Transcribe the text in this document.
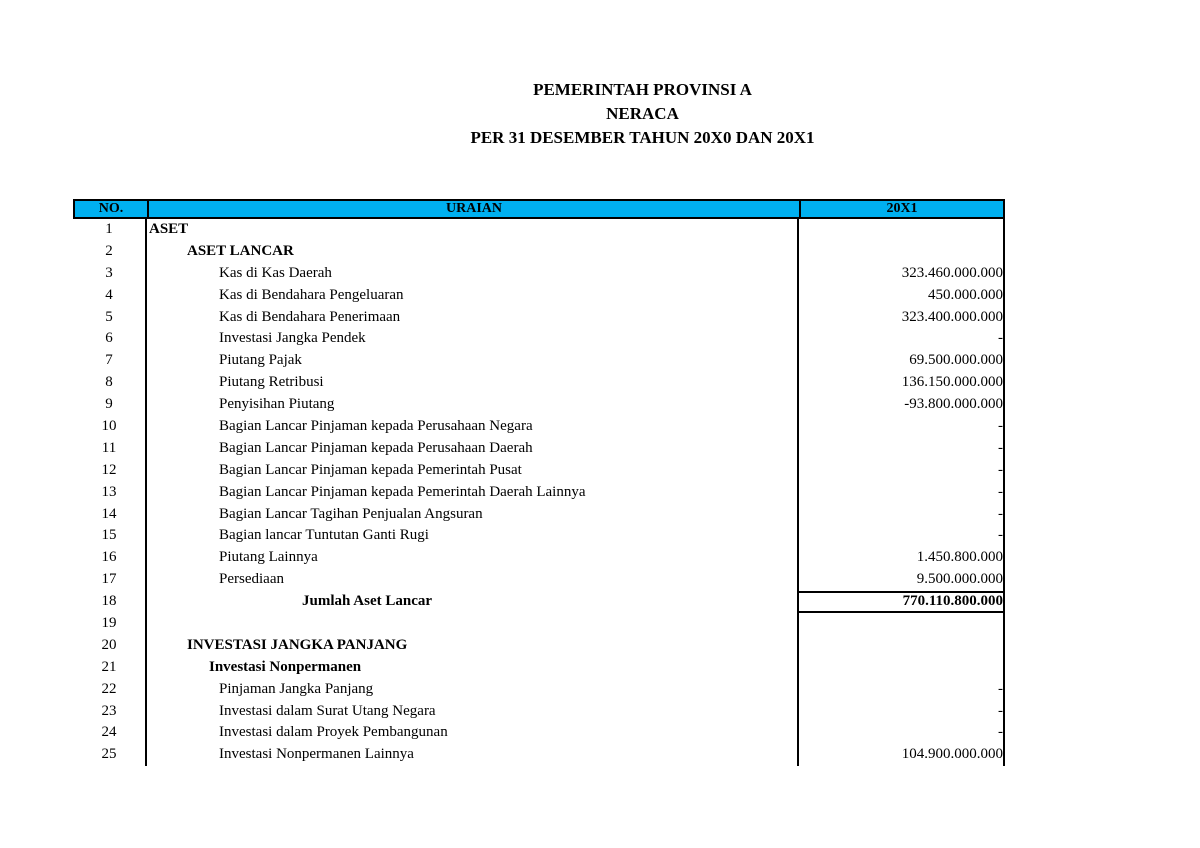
PEMERINTAH PROVINSI A
NERACA
PER 31 DESEMBER TAHUN 20X0 DAN 20X1
NO.	URAIAN	20X1
1	ASET
2	ASET LANCAR
3	Kas di Kas Daerah	323.460.000.000
4	Kas di Bendahara Pengeluaran	450.000.000
5	Kas di Bendahara Penerimaan	323.400.000.000
6	Investasi Jangka Pendek	-
7	Piutang Pajak	69.500.000.000
8	Piutang Retribusi	136.150.000.000
9	Penyisihan Piutang	-93.800.000.000
10	Bagian Lancar Pinjaman kepada Perusahaan Negara	-
11	Bagian Lancar Pinjaman kepada Perusahaan Daerah	-
12	Bagian Lancar Pinjaman kepada Pemerintah Pusat	-
13	Bagian Lancar Pinjaman kepada Pemerintah Daerah Lainnya	-
14	Bagian Lancar Tagihan Penjualan Angsuran	-
15	Bagian lancar Tuntutan Ganti Rugi	-
16	Piutang Lainnya	1.450.800.000
17	Persediaan	9.500.000.000
18	Jumlah Aset Lancar	770.110.800.000
19
20	INVESTASI JANGKA PANJANG
21	Investasi Nonpermanen
22	Pinjaman Jangka Panjang	-
23	Investasi dalam Surat Utang Negara	-
24	Investasi dalam Proyek Pembangunan	-
25	Investasi Nonpermanen Lainnya	104.900.000.000
